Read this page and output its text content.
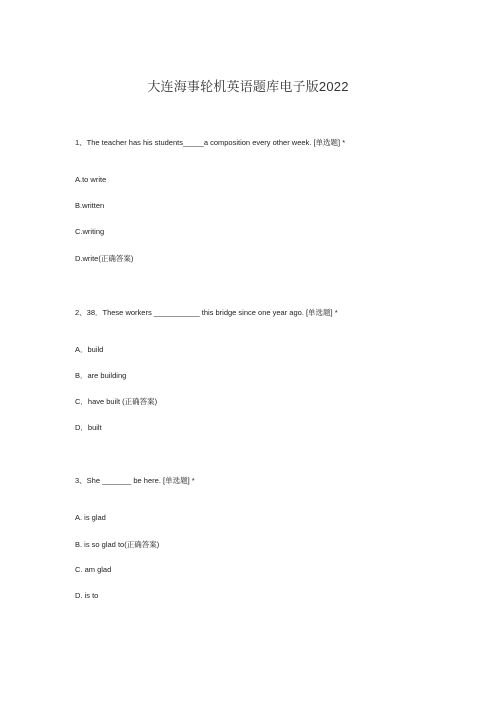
大连海事轮机英语题库电子版2022
1、The teacher has his students_____a composition every other week. [单选题] *
A.to write
B.written
C.writing
D.write(正确答案)
2、38．These workers ___________ this bridge since one year ago. [单选题] *
A．build
B．are building
C．have built (正确答案)
D．built
3、She _______ be here. [单选题] *
A. is glad
B. is so glad to(正确答案)
C. am glad
D. is to
